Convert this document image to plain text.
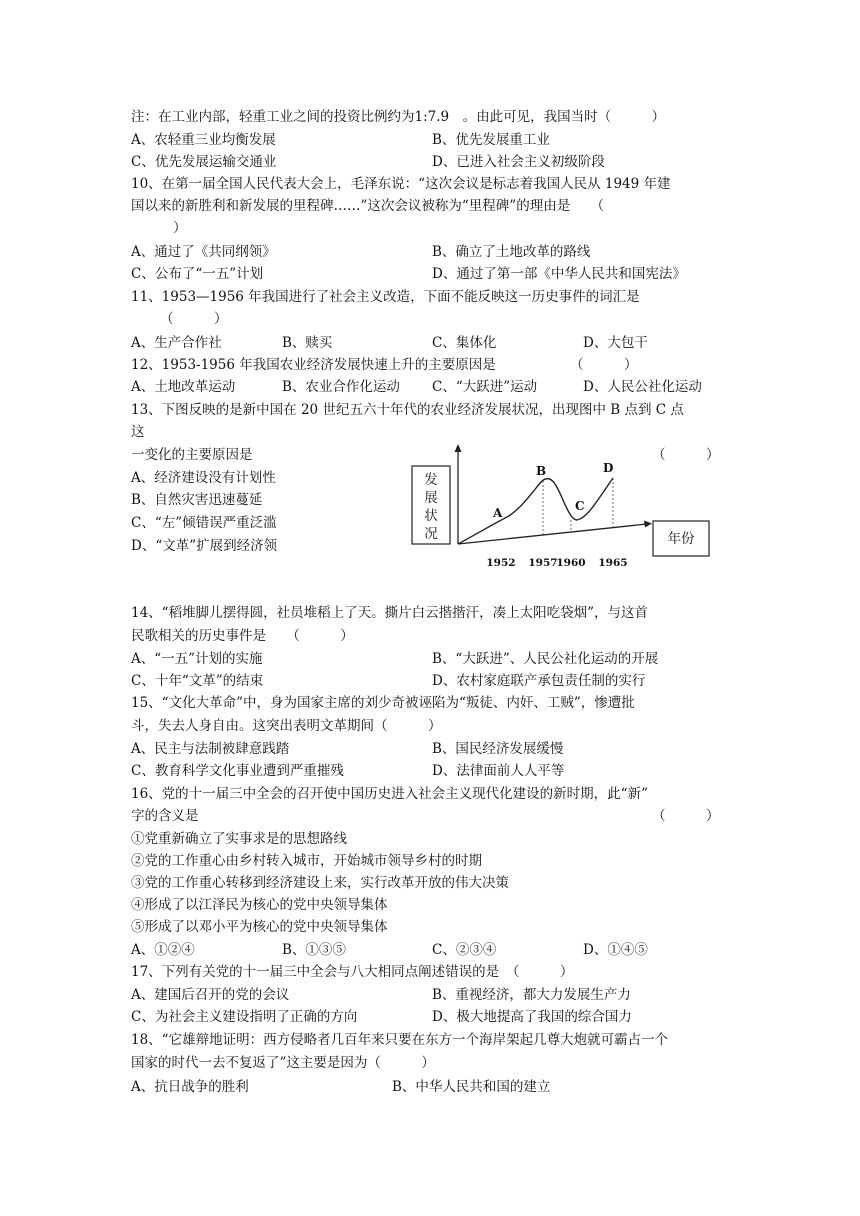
注：在工业内部，轻重工业之间的投资比例约为1:7.9　。由此可见，我国当时（　　　）
A、农轻重三业均衡发展	B、优先发展重工业
C、优先发展运输交通业	D、已进入社会主义初级阶段
10、在第一届全国人民代表大会上，毛泽东说：“这次会议是标志着我国人民从 1949 年建
国以来的新胜利和新发展的里程碑……”这次会议被称为“里程碑”的理由是　　（
　　）
A、通过了《共同纲领》	B、确立了土地改革的路线
C、公布了“一五”计划	D、通过了第一部《中华人民共和国宪法》
11、1953—1956 年我国进行了社会主义改造，下面不能反映这一历史事件的词汇是
（　　　）
A、生产合作社	B、赎买	C、集体化	D、大包干
12、1953-1956 年我国农业经济发展快速上升的主要原因是　　　　　　（　　　）
A、土地改革运动	B、农业合作化运动 C、“大跃进”运动	D、人民公社化运动
13、下图反映的是新中国在 20 世纪五六十年代的农业经济发展状况，出现图中 B 点到 C 点
这
一变化的主要原因是	（　　　）
A、经济建设没有计划性
B、自然灾害迅速蔓延
C、“左”倾错误严重泛滥
D、“文革”扩展到经济领
发展状况	年份
A
B
C
D
1952 1957
1960 1965
14、“稻堆脚儿摆得圆，社员堆稻上了天。撕片白云揩揩汗，凑上太阳吃袋烟”，与这首
民歌相关的历史事件是　　（　　　）
A、“一五”计划的实施	B、“大跃进”、人民公社化运动的开展
C、十年“文革”的结束	D、农村家庭联产承包责任制的实行
15、“文化大革命”中，身为国家主席的刘少奇被诬陷为“叛徒、内奸、工贼”，惨遭批
斗，失去人身自由。这突出表明文革期间（　　　）
A、民主与法制被肆意践踏	B、国民经济发展缓慢
C、教育科学文化事业遭到严重摧残	D、法律面前人人平等
16、党的十一届三中全会的召开使中国历史进入社会主义现代化建设的新时期，此“新”
字的含义是	（　　　）
①党重新确立了实事求是的思想路线
②党的工作重心由乡村转入城市，开始城市领导乡村的时期
③党的工作重心转移到经济建设上来，实行改革开放的伟大决策
④形成了以江泽民为核心的党中央领导集体
⑤形成了以邓小平为核心的党中央领导集体
A、①②④	B、①③⑤	C、②③④	D、①④⑤
17、下列有关党的十一届三中全会与八大相同点阐述错误的是　（　　　）
A、建国后召开的党的会议	B、重视经济，都大力发展生产力
C、为社会主义建设指明了正确的方向	D、极大地提高了我国的综合国力
18、“它雄辩地证明：西方侵略者几百年来只要在东方一个海岸架起几尊大炮就可霸占一个
国家的时代一去不复返了”这主要是因为（　　　）
A、抗日战争的胜利	B、中华人民共和国的建立
